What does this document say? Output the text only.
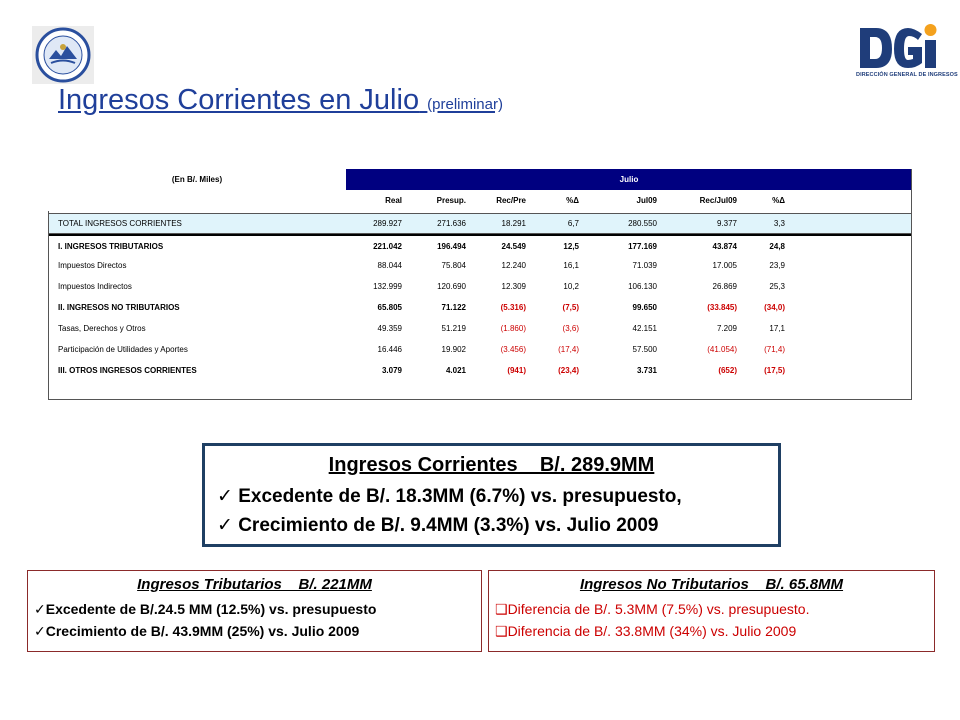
DIRECCIÓN GENERAL DE INGRESOS
Ingresos Corrientes en Julio (preliminar)
(En B/. Miles)	Julio
Real	Presup.	Rec/Pre	%Δ	Jul09	Rec/Jul09	%Δ
TOTAL INGRESOS CORRIENTES	289.927	271.636	18.291	6,7	280.550	9.377	3,3
I. INGRESOS TRIBUTARIOS	221.042	196.494	24.549	12,5	177.169	43.874	24,8
Impuestos Directos	88.044	75.804	12.240	16,1	71.039	17.005	23,9
Impuestos Indirectos	132.999	120.690	12.309	10,2	106.130	26.869	25,3
II. INGRESOS NO TRIBUTARIOS	65.805	71.122	(5.316)	(7,5)	99.650	(33.845)	(34,0)
Tasas, Derechos y Otros	49.359	51.219	(1.860)	(3,6)	42.151	7.209	17,1
Participación de Utilidades y Aportes	16.446	19.902	(3.456)	(17,4)	57.500	(41.054)	(71,4)
III. OTROS INGRESOS CORRIENTES	3.079	4.021	(941)	(23,4)	3.731	(652)	(17,5)
Ingresos Corrientes    B/. 289.9MM
✓ Excedente de B/. 18.3MM (6.7%) vs. presupuesto,
✓ Crecimiento de B/. 9.4MM (3.3%) vs. Julio 2009
Ingresos Tributarios    B/. 221MM
✓Excedente de B/.24.5 MM (12.5%) vs. presupuesto
✓Crecimiento de B/. 43.9MM (25%) vs. Julio 2009
Ingresos No Tributarios    B/. 65.8MM
❑Diferencia de B/. 5.3MM (7.5%) vs. presupuesto.
❑Diferencia de B/. 33.8MM (34%) vs. Julio 2009
